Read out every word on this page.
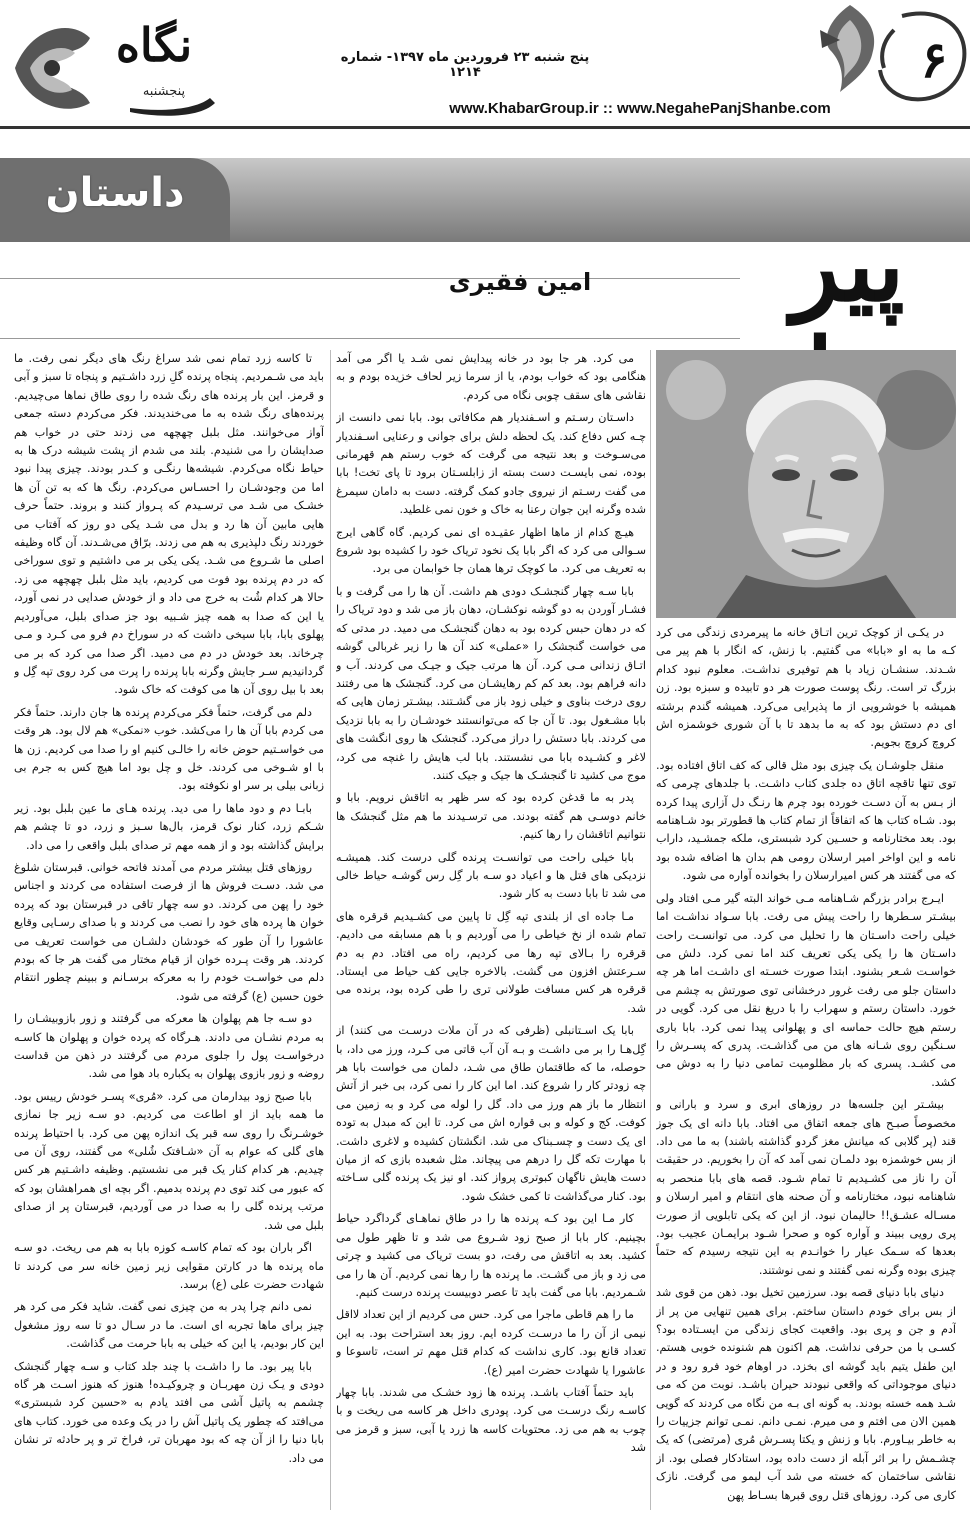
نگاه
پنجشنبه
پنج شنبه ۲۳ فروردین ماه ۱۳۹۷- شماره ۱۲۱۴
www.KhabarGroup.ir :: www.NegahePanjShanbe.com
۶
داستان
پیر
امین فقیری

در یکـی از کوچک ترین اتـاق خانه ما پیرمردی زندگی می کرد کـه ما به او «بابا» می گفتیم. با زنش، که انگار با هم پیر می شـدند. سنشـان زیاد با هم توفیری نداشـت. معلوم نبود کدام بزرگ تر است. رنگ پوست صورت هر دو تابیده و سبزه بود. زن همیشه با خوشرویی از ما پذیرایی می‌کرد. همیشه گندم برشته ای دم دستش بود که به ما بدهد تا با آن شوری خوشمزه اش کروچ کروچ بجویم.

منقل جلوشـان یک چیزی بود مثل قالی که کف اتاق افتاده بود. توی تنها تاقچه اتاق ده جلدی کتاب داشـت. با جلدهای چرمی که از بـس به آن دسـت خورده بود چرم ها رنـگ دل آزاری پیدا کرده بود. شـاه کتاب ها که اتفاقاً از تمام کتاب ها قطورتر بود شـاهنامه بود. بعد مختارنامه و حسـین کرد شبستری، ملکه جمشـید، داراب نامه و این اواخر امیر ارسلان رومی هم بدان ها اضافه شده بود که می گفتند هر کس امیرارسلان را بخوانده آواره می شود.

ایـرج برادر بزرگم شـاهنامه مـی خواند البته گیر مـی افتاد ولی بیشـتر سـطرها را راحت پیش می رفت. بابا سـواد نداشـت اما خیلی راحت داسـتان ها را تحلیل می کرد. می توانسـت راحت داسـتان ها را یکی یکی تعریف کند اما نمی کرد. دلش می خواسـت شـعر بشنود. ابتدا صورت خسـته ای داشـت اما هر چه داستان جلو می رفت غرور درخشانی توی صورتش به چشم می خورد. داستان رستم و سهراب را با دریغ نقل می کرد. گویی در رستم هیچ حالت حماسه ای و پهلوانی پیدا نمی کرد. بابا باری سـنگین روی شـانه های من می گذاشـت. پدری که پسـرش را می کشـد. پسری که بار مظلومیت تمامی دنیا را به دوش می کشد.

بیشـتر این جلسه‌ها در روزهای ابری و سرد و بارانی و مخصوصاً صبـح های جمعه اتفاق می افتاد. بابا دانه ای یک جوز قند (پر گلابی که میانش مغز گردو گذاشته باشند) به ما می داد. از بس خوشمزه بود دلمـان نمی آمد که آن را بخوریم. در حقیقت آن را ناز می کشـیدیم تا تمام شـود. قصه های بابا منحصر به شاهنامه نبود، مختارنامه و آن صحنه های انتقام و امیر ارسلان و مسـاله عشـق!! حالیمان نبود. از این که یکی تابلویی از صورت پری رویی ببیند و آواره کوه و صحرا شـود برایمـان عجیب بود. بعدها که سـمک عیار را خوانـدم به این نتیجه رسیدم که حتماً چیزی بوده وگرنه نمی گفتند و نمی نوشتند.

دنیای بابا دنیای قصه بود. سرزمین تخیل بود. ذهن من قوی شد از بس برای خودم داستان ساختم. برای همین تنهایی من پر از آدم و جن و پری بود. واقعیت کجای زندگی من ایسـتاده بود؟ کسـی با من حرفی نداشت. هم اکنون هم شنونده خوبی هستم. این طفل یتیم باید گوشه ای بخزد. در اوهام خود فرو رود و در دنیای موجوداتی که واقعی نبودند حیران باشـد. نوبت من که می شـد همه خسته بودند. به گونه ای بـه من نگاه می کردند که گویی همین الان می افتم و می میرم. نمـی دانم. نمـی توانم جزییات را به خاطر بیـاورم. بابا و زنش و یکتا پسـرش مُری (مرتضی) که یک چشـمش را بر اثر آبله از دست داده بود، استادکار فصلی بود. از نقاشی ساختمان که خسته می شد آب لیمو می گرفت. نازک کاری می کرد. روزهای قتل روی قبرها بسـاط پهن

می کرد. هر جا بود در خانه پیدایش نمی شـد یا اگر می آمد هنگامی بود که خواب بودم، یا از سرما زیر لحاف خزیده بودم و به نقاشی های سقف چوبی نگاه می کردم.

داسـتان رسـتم و اسـفندیار هم مکافاتی بود. بابا نمی دانست از چـه کس دفاع کند. یک لحظه دلش برای جوانی و رعنایی اسـفندیار می‌سـوخت و بعد نتیجه می گرفت که خوب رستم هم قهرمانی بوده، نمی بایسـت دست بسته از زابلسـتان برود تا پای تخت! بابا می گفت رسـتم از نیروی جادو کمک گرفته. دست به دامان سیمرغ شده وگرنه این جوان رعنا به خاک و خون نمی غلطید.

هیـچ کدام از ماها اظهار عقیـده ای نمی کردیم. گاه گاهی ایرج سـوالی می کرد که اگر بابا یک نخود تریاک خود را کشیده بود شروع به تعریف می کرد. ما کوچک ترها همان جا خوابمان می برد.

بابا سـه چهار گنجشـک دودی هم داشت. آن ها را می گرفت و با فشـار آوردن به دو گوشه نوکشـان، دهان باز می شد و دود تریاک را که در دهان حبس کرده بود به دهان گنجشـک می دمید. در مدتی که می خواست گنجشک را «عملی» کند آن ها را زیر غربالی گوشه اتـاق زندانی مـی کرد. آن ها مرتب جیک و جیـک می کردند. آب و دانه فراهم بود. بعد کم کم رهایشـان می کرد. گنجشک ها می رفتند روی درخت بناوی و خیلی زود باز می گشـتند. بیشـتر زمان هایی که بابا مشـغول بود. تا آن جا که می‌توانستند خودشـان را به بابا نزدیک می کردند. بابا دستش را دراز می‌کرد. گنجشک ها روی انگشت های لاغر و کشـیده بابا می نشستند. بابا لب هایش را غنچه می کرد، موج می کشید تا گنجشـک ها جیک و جیک کنند.

پدر به ما قدغن کرده بود که سر ظهر به اتاقش نرویم. بابا و خانم دوسـی هم گفته بودند. می ترسـیدند ما هم مثل گنجشک ها نتوانیم اتاقشان را رها کنیم.

بابا خیلی راحت می توانسـت پرنده گلی درست کند. همیشـه نزدیکی های قتل ها و اعیاد دو سـه بار گِل رس گوشـه حیاط خالی می شد تا بابا دست به کار شود.

مـا جاده ای از بلندی تپه گِل تا پایین می کشـیدیم قرقره های تمام شده از نخ خیاطی را می آوردیم و با هم مسابقه می دادیم. قرقره را بـالای تپه رها می کردیم، راه می افتاد. دم به دم سـرعتش افزون می گشت. بالاخره جایی کف حیاط می ایستاد. قرقره هر کس مسافت طولانی تری را طی کرده بود، برنده می شد.

بابا یک اسـتانبلی (ظرفی که در آن ملات درسـت می کنند) از گِل‌هـا را بر می داشـت و بـه آن آب قاتی می کـرد، ورز می داد، با حوصله، ما که طاقتمان طاق می شـد، دلمان می خواست بابا هر چه زودتر کار را شروع کند. اما این کار را نمی کرد، بی خبر از آتش انتظار ما باز هم ورز می داد. گل را لوله می کرد و به زمین می کوفت. کج و کوله و بی قواره اش می کرد. تا این که مبدل به توده ای یک دست و چسـبناک می شد. انگشتان کشیده و لاغری داشت. با مهارت تکه گل را درهم می پیچاند. مثل شعبده بازی که از میان دست هایش ناگهان کبوتری پرواز کند. او نیز یک پرنده گلی سـاخته بود. کنار می‌گذاشت تا کمی خشک شود.

کار مـا این بود کـه پرنده ها را در طاق نماهـای گرداگرد حیاط بچینیم. کار بابا از صبح زود شـروع می شد و تا ظهر طول می کشید. بعد به اتاقش می رفت، دو بست تریاک می کشید و چرتی می زد و باز می گشـت. ما پرنده ها را رها نمی کردیم. آن ها را می شـمردیم. بابا می گفت باید تا عصر دوبیست پرنده درست کنیم.

ما را هم قاطی ماجرا می کرد. حس می کردیم از این تعداد لااقل نیمی از آن را ما درسـت کرده ایم. روز بعد استراحت بود. به این تعداد قانع بود. کاری نداشت که کدام قتل مهم تر است، تاسوعا و عاشورا یا شهادت حضرت امیر (ع).

باید حتماً آفتاب باشـد. پرنده ها زود خشـک می شدند. بابا چهار کاسـه رنگ درسـت می کرد. پودری داخل هر کاسه می ریخت و با چوب به هم می زد. محتویات کاسه ها زرد یا آبی، سبز و قرمز می شد

تا کاسه زرد تمام نمی شد سراغ رنگ های دیگر نمی رفت. ما باید می شـمردیم. پنجاه پرنده گلِ زرد داشـتیم و پنجاه تا سبز و آبی و قرمز. این بار پرنده های رنگ شده را روی طاق نماها می‌چیدیم. پرنده‌های رنگ شده به ما می‌خندیدند. فکر می‌کردم دسته جمعی آواز می‌خوانند. مثل بلبل چهچهه می زدند حتی در خواب هم صدایشان را می شنیدم. بلند می شدم از پشت شیشه درک ها به حیاط نگاه می‌کردم. شیشه‌ها رنگـی و کـدر بودند. چیزی پیدا نبود اما من وجودشـان را احسـاس می‌کردم. رنگ ها که به تن آن ها خشـک می شـد می ترسـیدم که پـرواز کنند و بروند. حتماً حرف هایی مابین آن ها رد و بدل می شـد یکی دو روز که آفتاب می خوردند رنگ دلپذیری به هم می زدند. برّاق می‌شـدند. آن گاه وظیفه اصلی ما شـروع می شـد. یکی یکی بر می داشتیم و توی سوراخی که در دم پرنده بود فوت می کردیم، باید مثل بلبل چهچهه می زد. حالا هر کدام شُت به خرج می داد و از خودش صدایی در نمی آورد، یا این که صدا به همه چیز شـبیه بود جز صدای بلبل، می‌آوردیم پهلوی بابا، بابا سیخی داشت که در سوراخ دم فرو می کـرد و مـی چرخاند. بعد خودش در دم می دمید. اگر صدا می کرد که بر می گردانیدیم سـر جایش وگرنه بابا پرنده را پرت می کرد روی تپه گِل و بعد با بیل روی آن ها می کوفت که خاک شود.

دلم می گرفت، حتماً فکر می‌کردم پرنده ها جان دارند. حتماً فکر می کردم بابا آن ها را می‌کشد. خوب «نمکی» هم لال بود. هر وقت می خواسـتیم حوض خانه را خالـی کنیم او را صدا می کردیم. زن ها با او شـوخی می کردند. خل و چل بود اما هیچ کس به جرم بی زبانی بیلی بر سر او نکوفته بود.

بابـا دم و دود ماها را می دید. پرنده هـای ما عین بلبل بود. زیر شـکم زرد، کنار نوک قرمز، بال‌ها سـبز و زرد، دو تا چشم هم برایش گذاشته بود و از همه مهم تر صدای بلبل واقعی را می داد.

روزهای قتل بیشتر مردم می آمدند فاتحه خوانی. قبرستان شلوغ می شد. دسـت فروش ها از فرصت استفاده می کردند و اجناس خود را پهن می کردند. دو سه چهار تاقی در قبرستان بود که پرده خوان ها پرده های خود را نصب می کردند و با صدای رسـایی وقایع عاشورا را آن طور که خودشان دلشـان می خواست تعریف می کردند. هر وقت پـرده خوان از قیام مختار می گفت هر جا که بودم دلم می خواسـت خودم را به معرکه برسـانم و ببینم چطور انتقام خون حسین (ع) گرفته می شود.

دو سـه جا هم پهلوان ها معرکه می گرفتند و زور بازوبیشـان را به مردم نشـان می دادند. هـرگاه که پرده خوان و پهلوان ها کاسـه درخواسـت پول را جلوی مردم می گرفتند در ذهن من قداست روضه و زور بازوی پهلوان به یکباره باد هوا می شد.

بابا صبح زود بیدارمان می کرد. «مُری» پسـر خودش رییس بود. ما همه باید از او اطاعت می کردیم. دو سـه زیر جا نمازی خوشـرنگ را روی سه قبر یک اندازه پهن می کرد. با احتیاط پرنده های گلی که عوام به آن «شـافتک شُلی» می گفتند، روی آن می چیدیم. هر کدام کنار یک قبر می نشستیم. وظیفه داشـتیم هر کس که عبور می کند توی دم پرنده بدمیم. اگر بچه ای همراهشان بود که مرتب پرنده گلی را به صدا در می آوردیم، قبرستان پر از صدای بلبل می شد.

اگر باران بود که تمام کاسـه کوزه بابا به هم می ریخت. دو سـه ماه پرنده ها در کارتن مقوایی زیر زمین خانه سر می کردند تا شهادت حضرت علی (ع) برسد.

نمی دانم چرا پدر به من چیزی نمی گفت. شاید فکر می کرد هر چیز برای ماها تجربه ای است. ما در سـال دو تا سه روز مشغول این کار بودیم، یا این که خیلی به بابا حرمت می گذاشت.

بابا پیر بود. ما را داشـت با چند جلد کتاب و سـه چهار گنجشک دودی و یـک زن مهربـان و چروکیـده! هنوز که هنوز اسـت هر گاه چشمم به پاتیل آشی می افتد یادم به «حسین کرد شبستری» می‌افتد که چطور یک پاتیل آش را در یک وعده می خورد. کتاب های بابا دنیا را از آن چه که بود مهربان تر، فراخ تر و پر حادثه تر نشان می داد.
